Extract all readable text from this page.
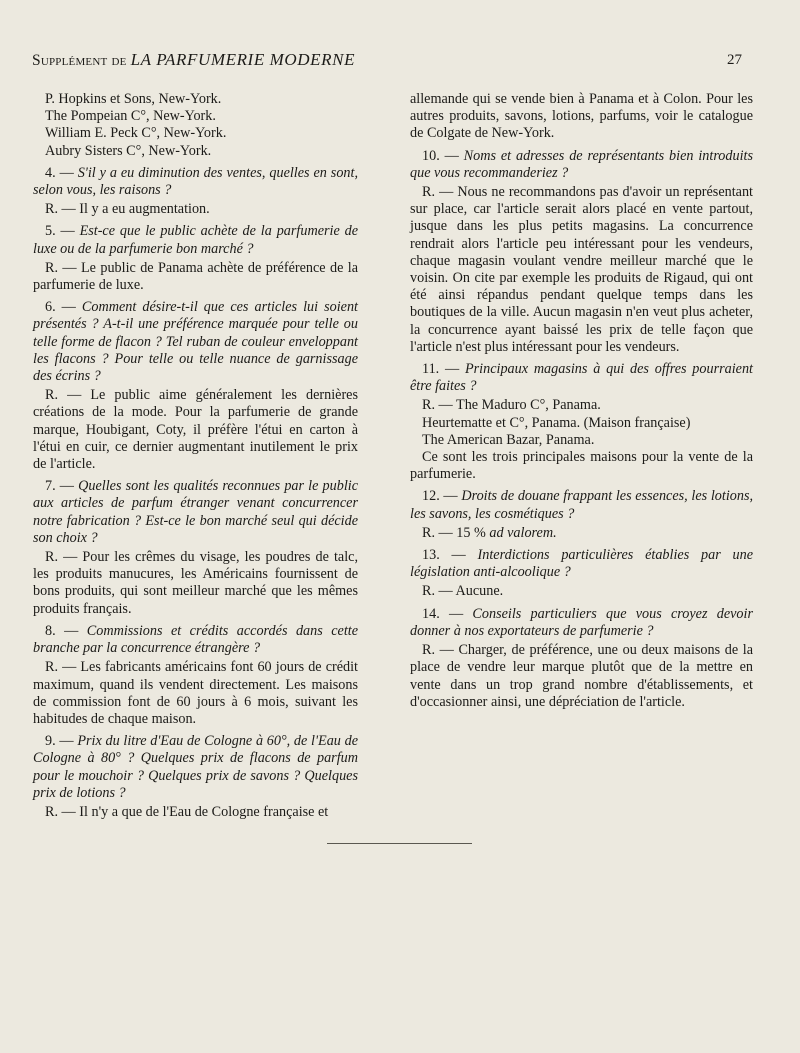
Supplément de LA PARFUMERIE MODERNE	27

P. Hopkins et Sons, New-York.

The Pompeian C°, New-York.

William E. Peck C°, New-York.

Aubry Sisters C°, New-York.

4. — S'il y a eu diminution des ventes, quelles en sont, selon vous, les raisons ?

R. — Il y a eu augmentation.

5. — Est-ce que le public achète de la parfumerie de luxe ou de la parfumerie bon marché ?

R. — Le public de Panama achète de préférence de la parfumerie de luxe.

6. — Comment désire-t-il que ces articles lui soient présentés ? A-t-il une préférence marquée pour telle ou telle forme de flacon ? Tel ruban de couleur enveloppant les flacons ? Pour telle ou telle nuance de garnissage des écrins ?

R. — Le public aime généralement les dernières créations de la mode. Pour la parfumerie de grande marque, Houbigant, Coty, il préfère l'étui en carton à l'étui en cuir, ce dernier augmentant inutilement le prix de l'article.

7. — Quelles sont les qualités reconnues par le public aux articles de parfum étranger venant concurrencer notre fabrication ? Est-ce le bon marché seul qui décide son choix ?

R. — Pour les crêmes du visage, les poudres de talc, les produits manucures, les Américains fournissent de bons produits, qui sont meilleur marché que les mêmes produits français.

8. — Commissions et crédits accordés dans cette branche par la concurrence étrangère ?

R. — Les fabricants américains font 60 jours de crédit maximum, quand ils vendent directement. Les maisons de commission font de 60 jours à 6 mois, suivant les habitudes de chaque maison.

9. — Prix du litre d'Eau de Cologne à 60°, de l'Eau de Cologne à 80° ? Quelques prix de flacons de parfum pour le mouchoir ? Quelques prix de savons ? Quelques prix de lotions ?

R. — Il n'y a que de l'Eau de Cologne française et

allemande qui se vende bien à Panama et à Colon. Pour les autres produits, savons, lotions, parfums, voir le catalogue de Colgate de New-York.

10. — Noms et adresses de représentants bien introduits que vous recommanderiez ?

R. — Nous ne recommandons pas d'avoir un représentant sur place, car l'article serait alors placé en vente partout, jusque dans les plus petits magasins. La concurrence rendrait alors l'article peu intéressant pour les vendeurs, chaque magasin voulant vendre meilleur marché que le voisin. On cite par exemple les produits de Rigaud, qui ont été ainsi répandus pendant quelque temps dans les boutiques de la ville. Aucun magasin n'en veut plus acheter, la concurrence ayant baissé les prix de telle façon que l'article n'est plus intéressant pour les vendeurs.

11. — Principaux magasins à qui des offres pourraient être faites ?

R. — The Maduro C°, Panama.

Heurtematte et C°, Panama. (Maison française)

The American Bazar, Panama.

Ce sont les trois principales maisons pour la vente de la parfumerie.

12. — Droits de douane frappant les essences, les lotions, les savons, les cosmétiques ?

R. — 15 % ad valorem.

13. — Interdictions particulières établies par une législation anti-alcoolique ?

R. — Aucune.

14. — Conseils particuliers que vous croyez devoir donner à nos exportateurs de parfumerie ?

R. — Charger, de préférence, une ou deux maisons de la place de vendre leur marque plutôt que de la mettre en vente dans un trop grand nombre d'établissements, et d'occasionner ainsi, une dépréciation de l'article.
